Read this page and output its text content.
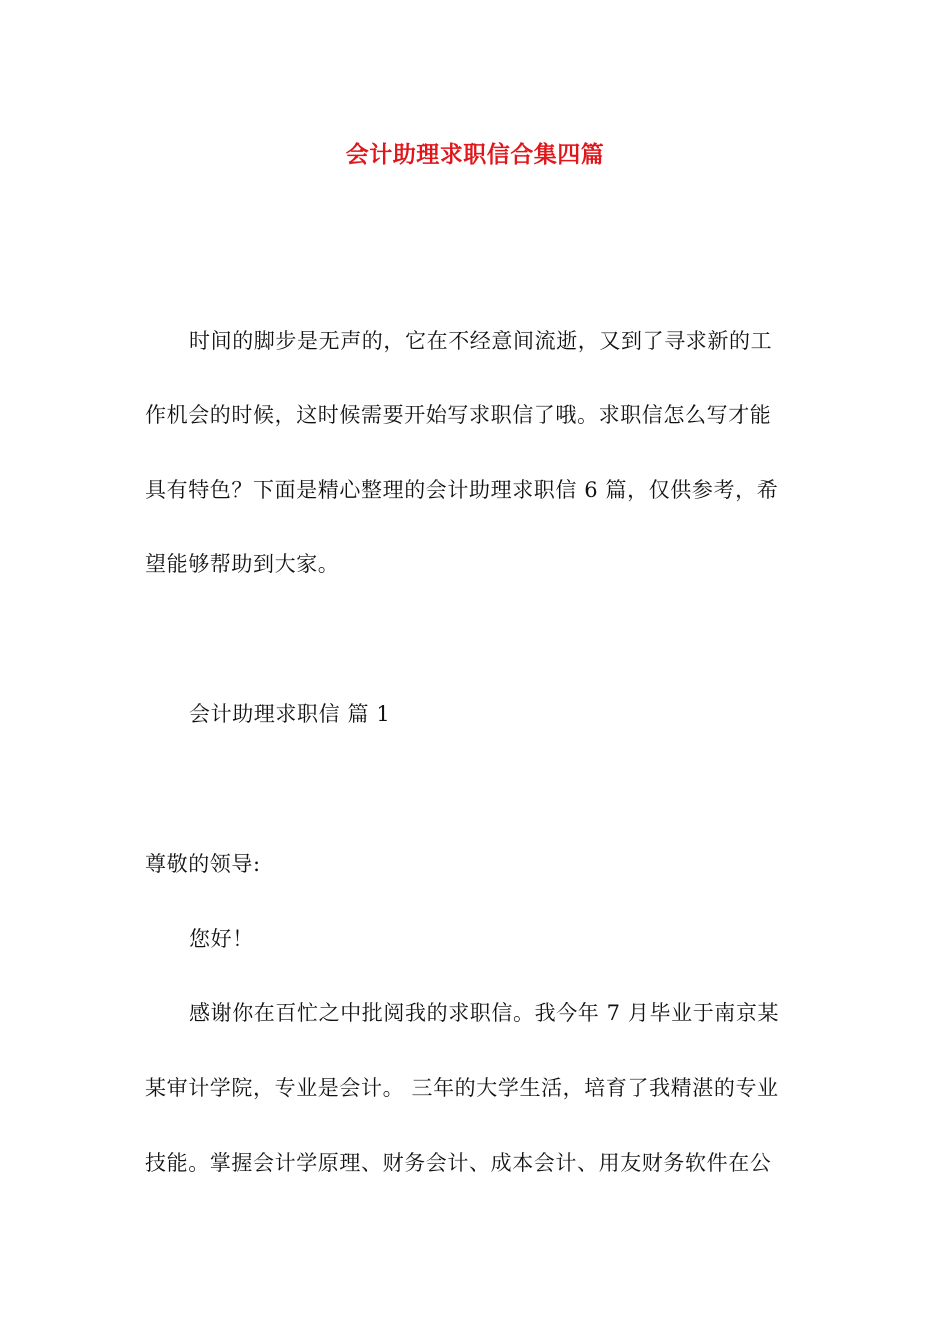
会计助理求职信合集四篇
时间的脚步是无声的，它在不经意间流逝，又到了寻求新的工
作机会的时候，这时候需要开始写求职信了哦。求职信怎么写才能
具有特色？下面是精心整理的会计助理求职信 6 篇，仅供参考，希
望能够帮助到大家。
会计助理求职信 篇 1
尊敬的领导:
您好！
感谢你在百忙之中批阅我的求职信。我今年 7 月毕业于南京某
某审计学院，专业是会计。 三年的大学生活，培育了我精湛的专业
技能。掌握会计学原理、财务会计、成本会计、用友财务软件在公
